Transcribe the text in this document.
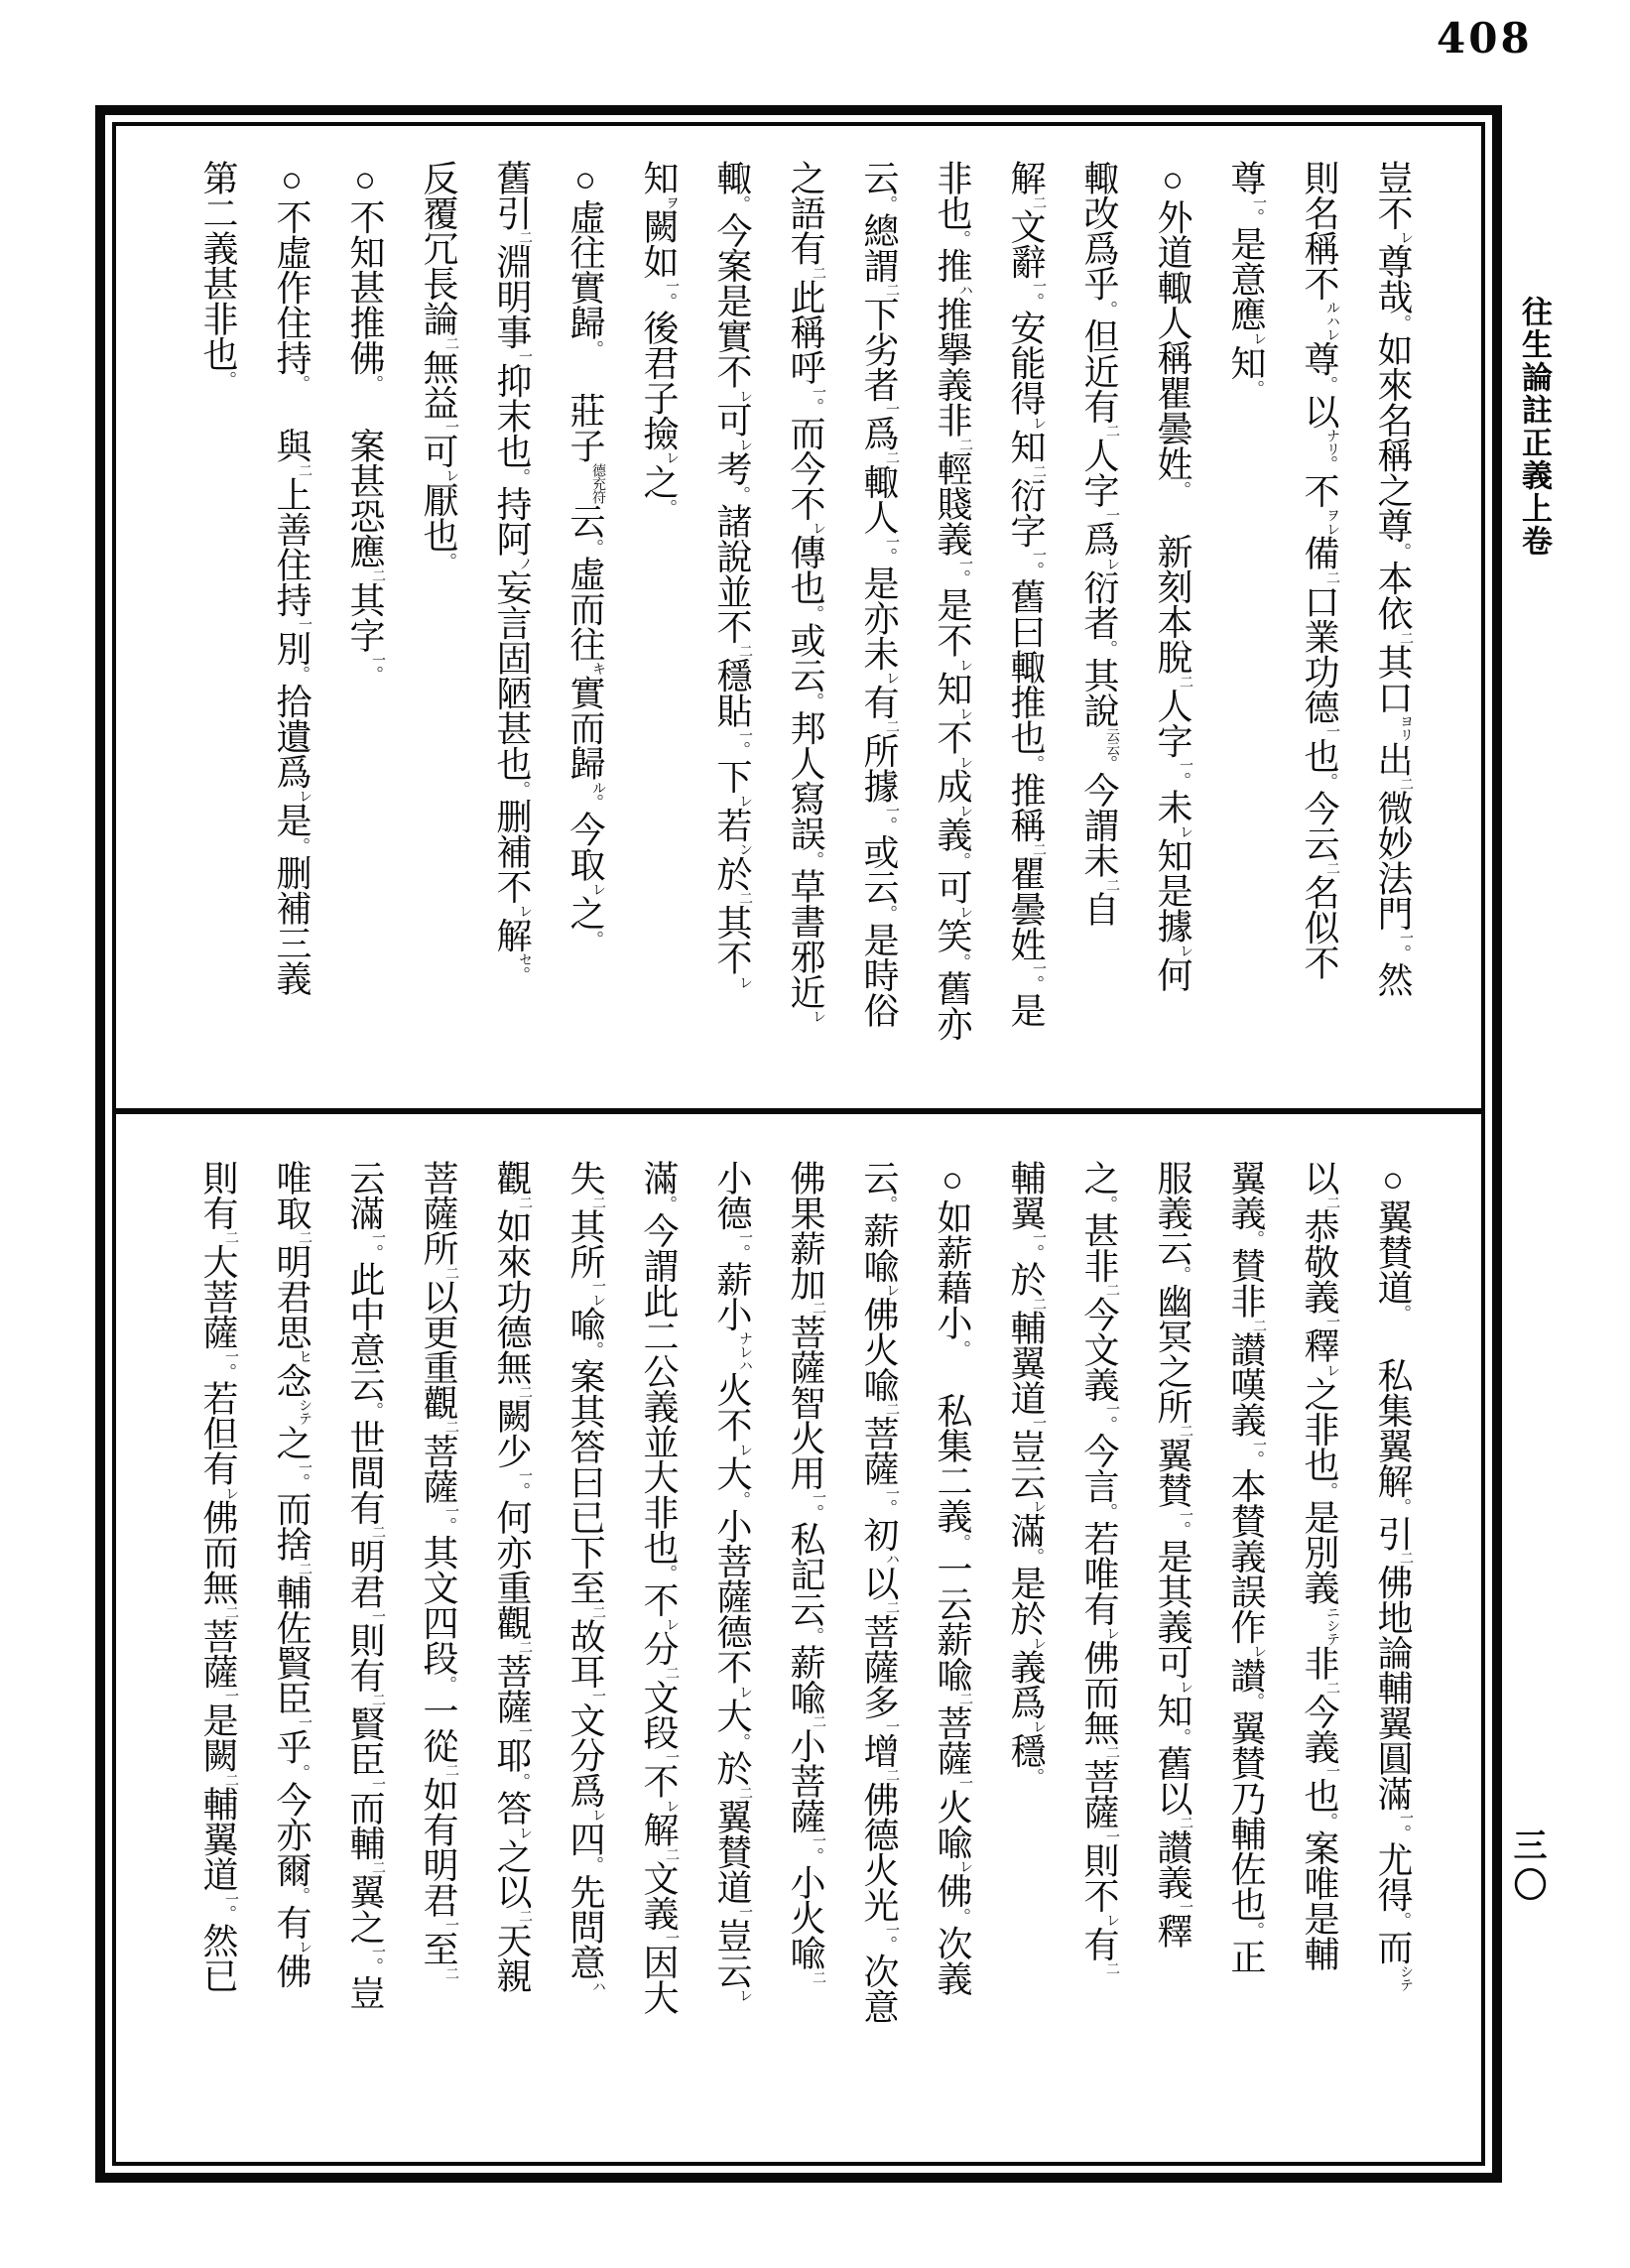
408
豈不レ尊哉。如來名稱之尊。本依二其口ヨリ出二微妙法門一。然
則名稱不ルハレ尊。以ナリ。不ヲレ備二口業功德一也。今云二名似不
尊一。是意應レ知。
○外道輙人稱瞿曇姓。　新刻本脫二人字一。未レ知是據レ何
輙改爲乎。但近有二人字一爲レ衍者。其說云云。今謂未二自
解二文辭一。安能得レ知二衍字一。舊曰輙推也。推稱二瞿曇姓一。是
非也。推ハ推擧義非二輕賤義一。是不レ知レ不レ成レ義。可レ笑。舊亦
云。總謂二下劣者一爲二輙人一。是亦未レ有二所據一。或云。是時俗
之語有二此稱呼一。而今不レ傳也。或云。邦人寫誤。草書邪近レ
輙。今案是實不レ可レ考。諸說並不二穩貼一。下レ若ン於二其不レ
知ヲ闕如一。後君子撿レ之。
○虛往實歸。　莊子德充符云。虛而往キ實而歸ル。今取レ之。
舊引二淵明事一抑末也。持阿ノ妄言固陋甚也。删補不レ解セ。
反覆冗長論二無益一可レ厭也。
○不知甚推佛。　案甚恐應二其字一。
○不虛作住持。　與二上善住持一別。拾遺爲レ是。删補三義
第二義甚非也。
○翼賛道。　私集翼解。引二佛地論輔翼圓滿一。尤得。而シテ
以二恭敬義一釋レ之非也。是別義ニシテ非二今義一也。案唯是輔
翼義。賛非二讃嘆義一。本賛義誤作レ讃。翼賛乃輔佐也。正
服義云。幽冥之所二翼賛一。是其義可レ知。舊以二讃義一釋
之。甚非二今文義一。今言。若唯有レ佛而無二菩薩一則不レ有二
輔翼一。於二輔翼道一豈云レ滿。是於レ義爲レ穩。
○如薪藉小。　私集二義。一云薪喩二菩薩一火喩レ佛。次義
云。薪喩レ佛火喩二菩薩一。初ハ以二菩薩多一增二佛德火光一。次意
佛果薪加二菩薩智火用一。私記云。薪喩二小菩薩一。小火喩二
小德一。薪小ナレハ火不レ大。小菩薩德不レ大。於二翼賛道一豈云レ
滿。今謂此二公義並大非也。不レ分二文段一不レ解二文義一因大
失二其所一レ喩。案其答曰已下至二故耳一文分爲レ四。先問意ハ
觀二如來功德無二闕少一。何亦重觀二菩薩一耶。答レ之以二天親
菩薩所二以更重觀二菩薩一。其文四段。一從二如有明君一至二
云滿一。此中意云。世間有二明君一則有二賢臣一而輔二翼之一。豈
唯取二明君思ヒ念シテ之一。而捨二輔佐賢臣一乎。今亦爾。有レ佛
則有二大菩薩一。若但有レ佛而無二菩薩一是闕二輔翼道一。然已
往生論註正義上卷
三〇
